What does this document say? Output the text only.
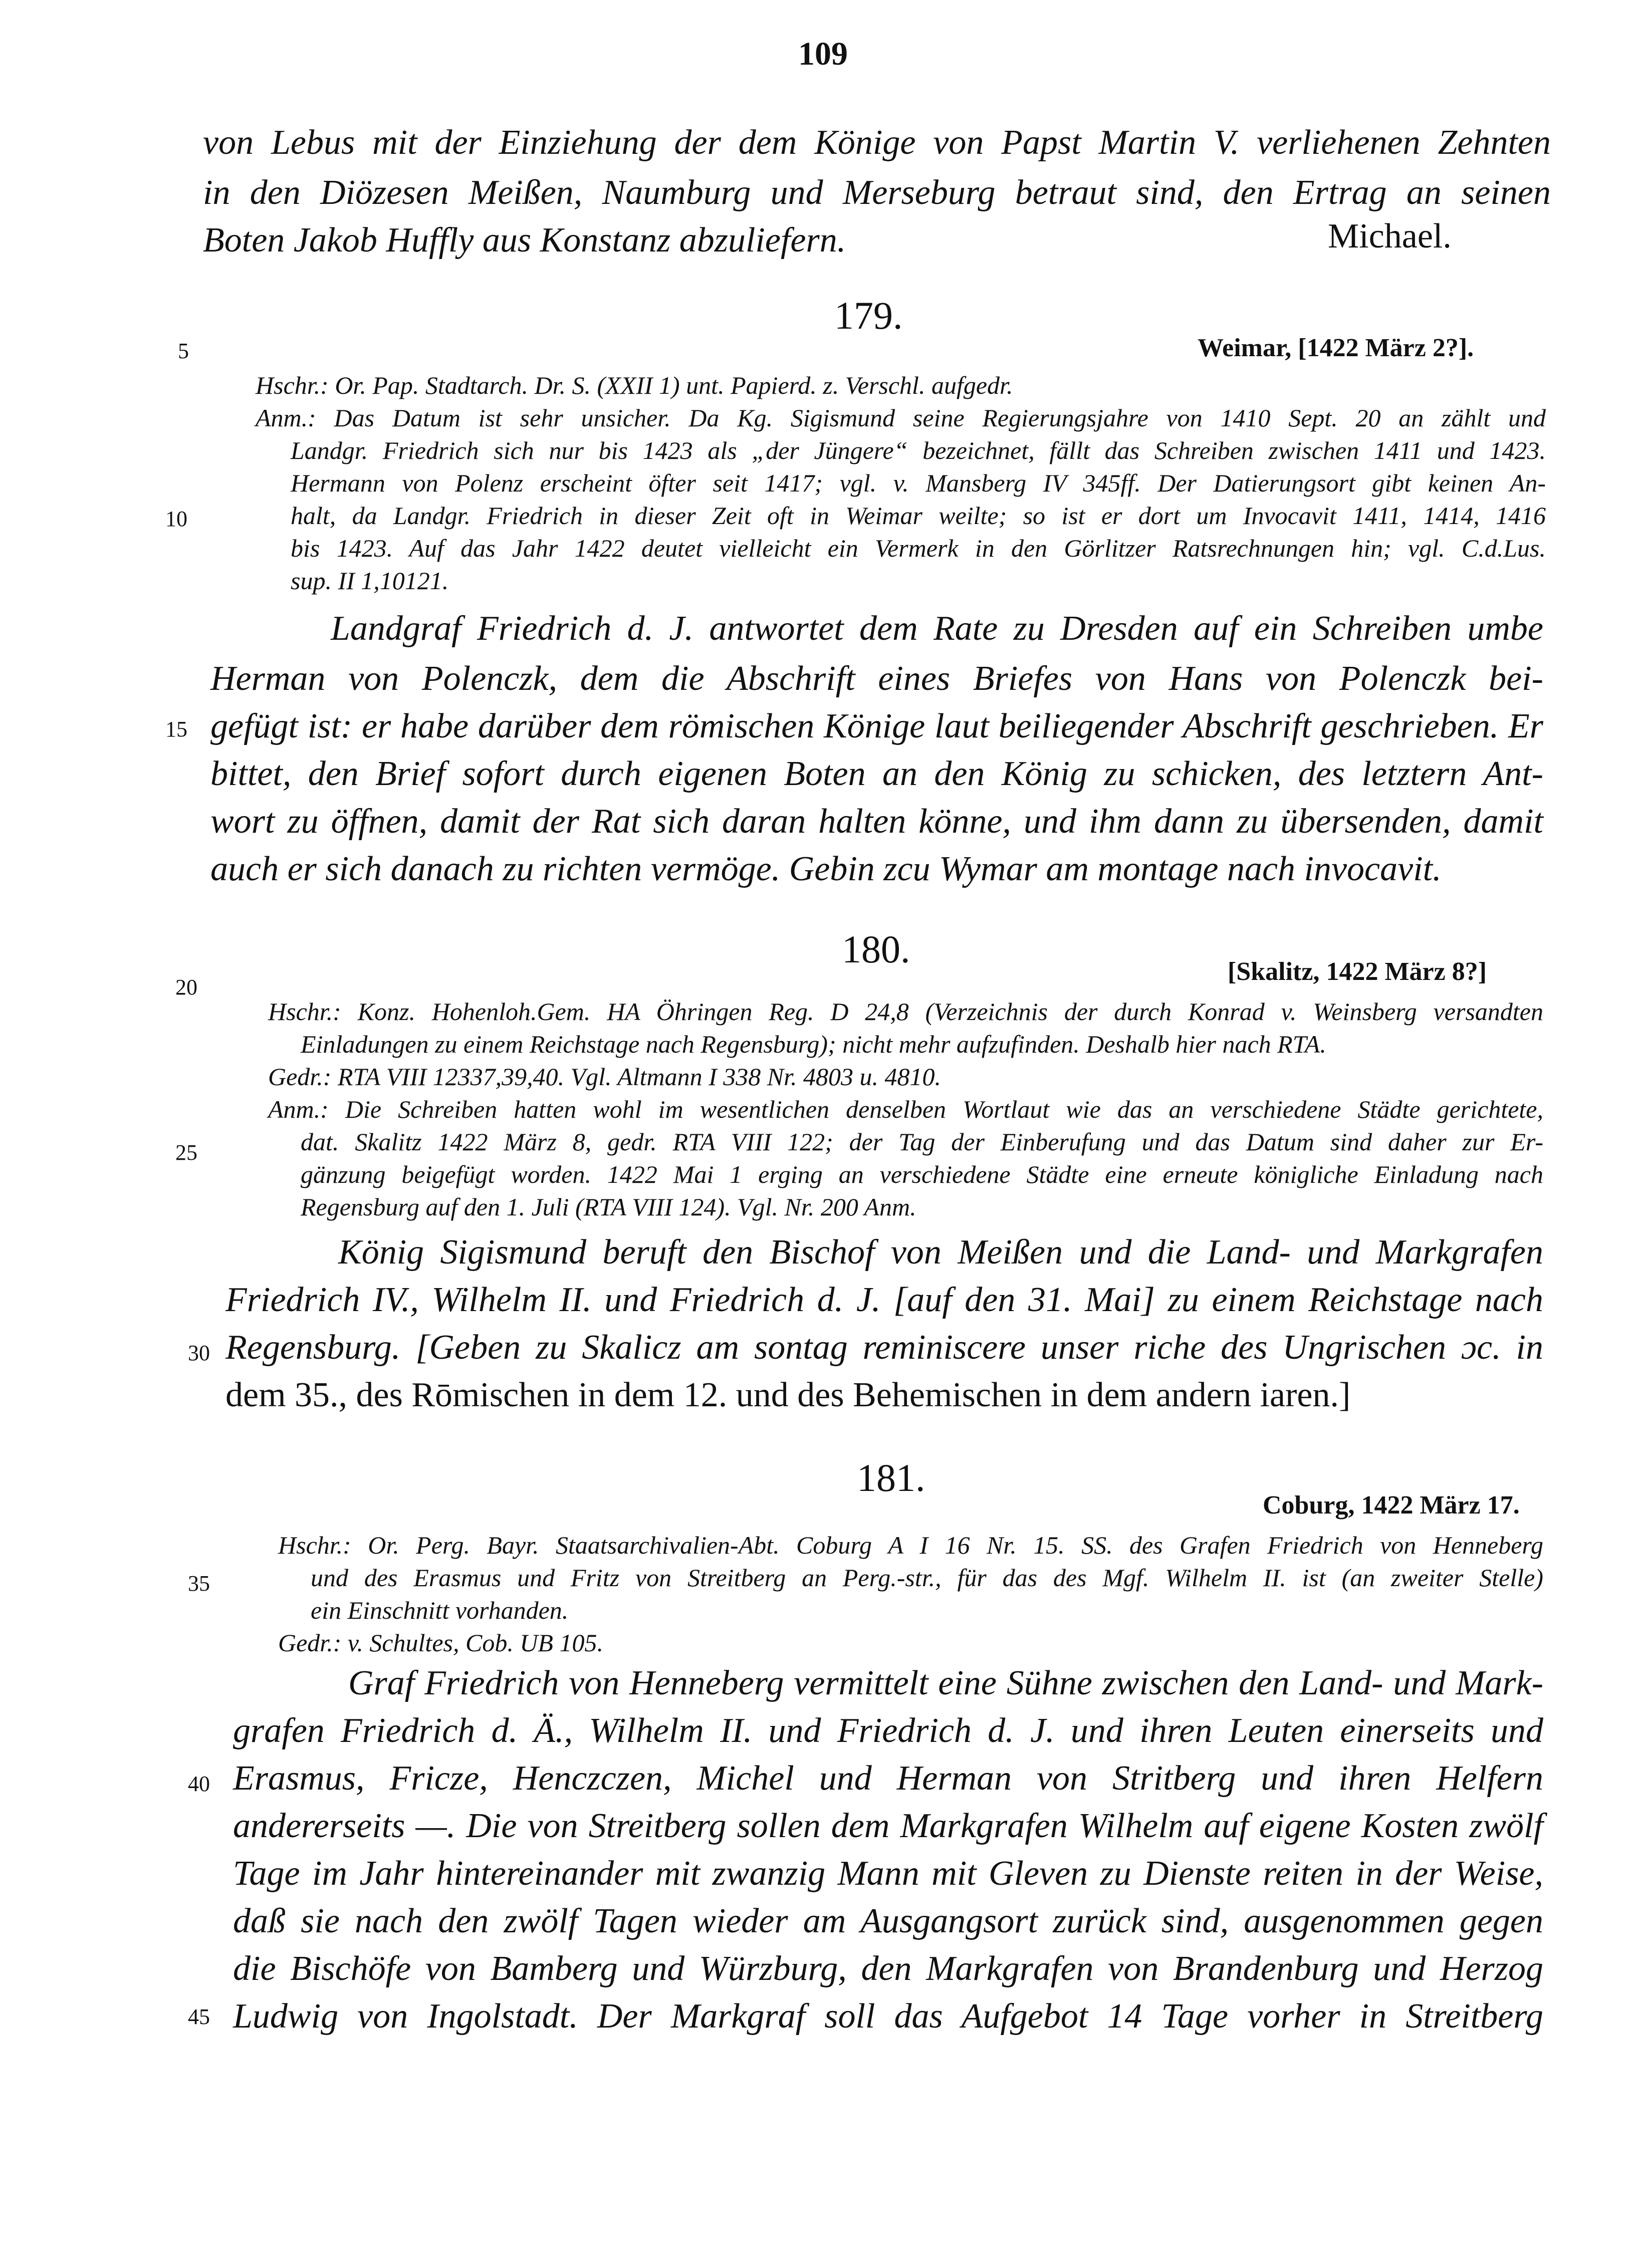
109
von Lebus mit der Einziehung der dem Könige von Papst Martin V. verliehenen Zehnten
in den Diözesen Meißen, Naumburg und Merseburg betraut sind, den Ertrag an seinen
Boten Jakob Huffly aus Konstanz abzuliefern.	Michael.
179.
Weimar, [1422 März 2?].
5
Hschr.: Or. Pap. Stadtarch. Dr. S. (XXII 1) unt. Papierd. z. Verschl. aufgedr.
Anm.: Das Datum ist sehr unsicher. Da Kg. Sigismund seine Regierungsjahre von 1410 Sept. 20 an zählt und
Landgr. Friedrich sich nur bis 1423 als „der Jüngere“ bezeichnet, fällt das Schreiben zwischen 1411 und 1423.
Hermann von Polenz erscheint öfter seit 1417; vgl. v. Mansberg IV 345ff. Der Datierungsort gibt keinen An-
halt, da Landgr. Friedrich in dieser Zeit oft in Weimar weilte; so ist er dort um Invocavit 1411, 1414, 1416
bis 1423. Auf das Jahr 1422 deutet vielleicht ein Vermerk in den Görlitzer Ratsrechnungen hin; vgl. C.d.Lus.
sup. II 1,10121.
10
Landgraf Friedrich d. J. antwortet dem Rate zu Dresden auf ein Schreiben umbe
Herman von Polenczk, dem die Abschrift eines Briefes von Hans von Polenczk bei-
gefügt ist: er habe darüber dem römischen Könige laut beiliegender Abschrift geschrieben. Er
bittet, den Brief sofort durch eigenen Boten an den König zu schicken, des letztern Ant-
wort zu öffnen, damit der Rat sich daran halten könne, und ihm dann zu übersenden, damit
auch er sich danach zu richten vermöge. Gebin zcu Wymar am montage nach invocavit.
15
180.
[Skalitz, 1422 März 8?]
20
Hschr.: Konz. Hohenloh.Gem. HA Öhringen Reg. D 24,8 (Verzeichnis der durch Konrad v. Weinsberg versandten
Einladungen zu einem Reichstage nach Regensburg); nicht mehr aufzufinden. Deshalb hier nach RTA.
Gedr.: RTA VIII 12337,39,40. Vgl. Altmann I 338 Nr. 4803 u. 4810.
Anm.: Die Schreiben hatten wohl im wesentlichen denselben Wortlaut wie das an verschiedene Städte gerichtete,
dat. Skalitz 1422 März 8, gedr. RTA VIII 122; der Tag der Einberufung und das Datum sind daher zur Er-
gänzung beigefügt worden. 1422 Mai 1 erging an verschiedene Städte eine erneute königliche Einladung nach
Regensburg auf den 1. Juli (RTA VIII 124). Vgl. Nr. 200 Anm.
25
König Sigismund beruft den Bischof von Meißen und die Land- und Markgrafen
Friedrich IV., Wilhelm II. und Friedrich d. J. [auf den 31. Mai] zu einem Reichstage nach
Regensburg. [Geben zu Skalicz am sontag reminiscere unser riche des Ungrischen ɔc. in
dem 35., des Rōmischen in dem 12. und des Behemischen in dem andern iaren.]
30
181.
Coburg, 1422 März 17.
Hschr.: Or. Perg. Bayr. Staatsarchivalien-Abt. Coburg A I 16 Nr. 15. SS. des Grafen Friedrich von Henneberg
und des Erasmus und Fritz von Streitberg an Perg.-str., für das des Mgf. Wilhelm II. ist (an zweiter Stelle)
ein Einschnitt vorhanden.
Gedr.: v. Schultes, Cob. UB 105.
35
Graf Friedrich von Henneberg vermittelt eine Sühne zwischen den Land- und Mark-
grafen Friedrich d. Ä., Wilhelm II. und Friedrich d. J. und ihren Leuten einerseits und
Erasmus, Fricze, Henczczen, Michel und Herman von Stritberg und ihren Helfern
andererseits —. Die von Streitberg sollen dem Markgrafen Wilhelm auf eigene Kosten zwölf
Tage im Jahr hintereinander mit zwanzig Mann mit Gleven zu Dienste reiten in der Weise,
daß sie nach den zwölf Tagen wieder am Ausgangsort zurück sind, ausgenommen gegen
die Bischöfe von Bamberg und Würzburg, den Markgrafen von Brandenburg und Herzog
Ludwig von Ingolstadt. Der Markgraf soll das Aufgebot 14 Tage vorher in Streitberg
40
45
